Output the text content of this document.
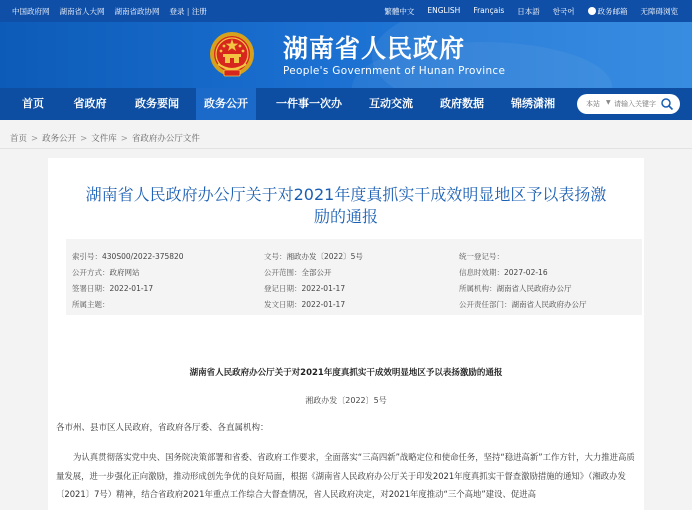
中国政府网 湖南省人大网 湖南省政协网 登录 | 注册	繁體中文 ENGLISH Français 日本語 한국어	政务邮箱 无障碍浏览
湖南省人民政府
People's Government of Hunan Province
首页	省政府	政务要闻	政务公开	一件事一次办	互动交流	政府数据	锦绣潇湘	本站 ▼
请输入关键字
首页 > 政务公开 > 文件库 > 省政府办公厅文件
湖南省人民政府办公厅关于对2021年度真抓实干成效明显地区予以表扬激励的通报
索引号：430S00/2022-375820	文号：湘政办发〔2022〕5号	统一登记号：
公开方式：政府网站	公开范围：全部公开	信息时效期：2027-02-16
签署日期：2022-01-17	登记日期：2022-01-17	所属机构：湖南省人民政府办公厅
所属主题：	发文日期：2022-01-17	公开责任部门：湖南省人民政府办公厅
湖南省人民政府办公厅关于对2021年度真抓实干成效明显地区予以表扬激励的通报
湘政办发〔2022〕5号
各市州、县市区人民政府，省政府各厅委、各直属机构：
为认真贯彻落实党中央、国务院决策部署和省委、省政府工作要求，全面落实“三高四新”战略定位和使命任务，坚持“稳进高新”工作方针，大力推进高质量发展，进一步强化正向激励，推动形成创先争优的良好局面，根据《湖南省人民政府办公厅关于印发2021年度真抓实干督查激励措施的通知》（湘政办发〔2021〕7号）精神，结合省政府2021年重点工作综合大督查情况，省人民政府决定，对2021年度推动“三个高地”建设、促进高
